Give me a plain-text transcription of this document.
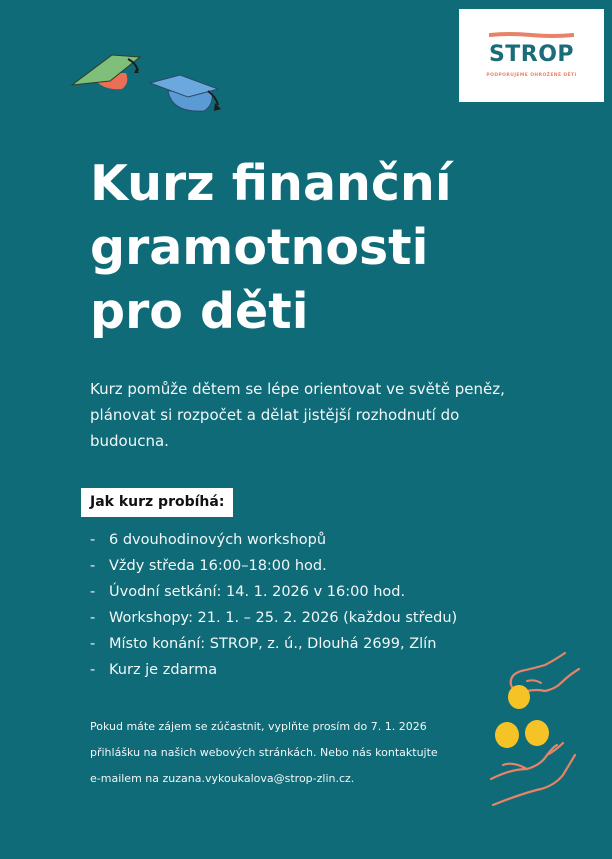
STROP
PODPORUJEME OHROŽENÉ DĚTI
Kurz finanční
gramotnosti
pro děti

Kurz pomůže dětem se lépe orientovat ve světě peněz, plánovat si rozpočet a dělat jistější rozhodnutí do budoucna.

Jak kurz probíhá:
- 6 dvouhodinových workshopů
- Vždy středa 16:00–18:00 hod.
- Úvodní setkání: 14. 1. 2026 v 16:00 hod.
- Workshopy: 21. 1. – 25. 2. 2026 (každou středu)
- Místo konání: STROP, z. ú., Dlouhá 2699, Zlín
- Kurz je zdarma
Pokud máte zájem se zúčastnit, vyplňte prosím do 7. 1. 2026
přihlášku na našich webových stránkách. Nebo nás kontaktujte
e-mailem na zuzana.vykoukalova@strop-zlin.cz.
